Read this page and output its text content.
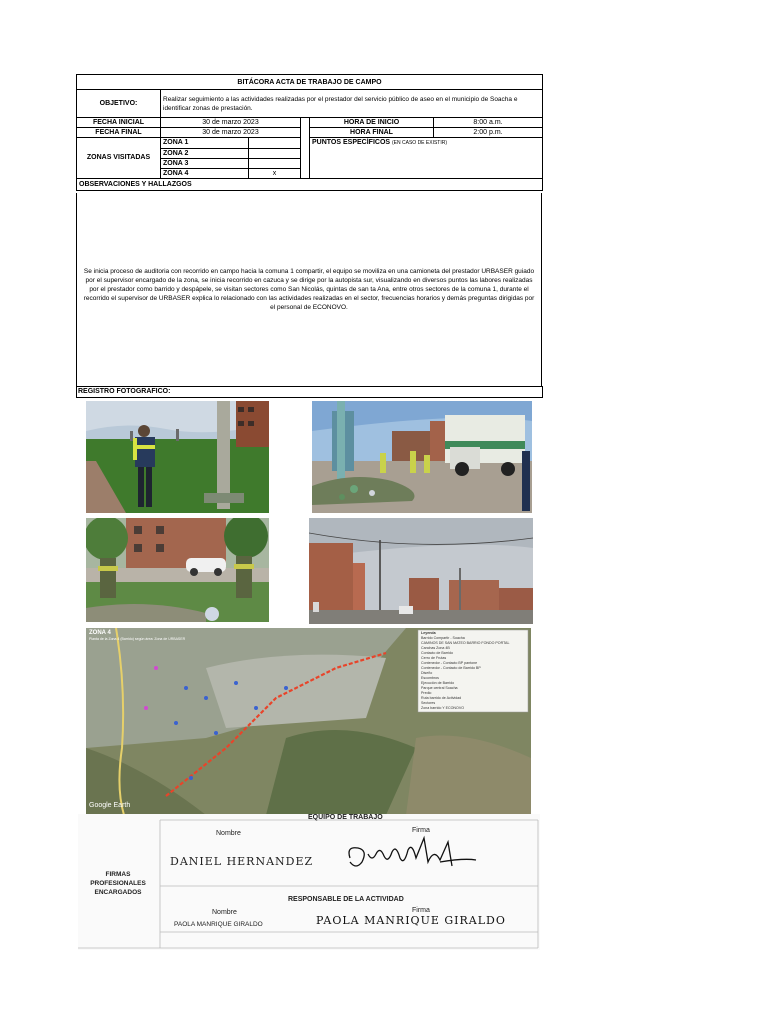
BITÁCORA ACTA DE TRABAJO DE CAMPO					
OBJETIVO:	Realizar seguimiento a las actividades realizadas por el prestador del servicio público de aseo en el municipio de Soacha e identificar zonas de prestación.				
FECHA INICIAL	30 de marzo 2023			HORA DE INICIO	8:00 a.m.
FECHA FINAL	30 de marzo 2023			HORA FINAL	2:00 p.m.
ZONAS VISITADAS	ZONA 1			PUNTOS ESPECÍFICOS (EN CASO DE EXISTIR)	
	ZONA 2				
	ZONA 3				
	ZONA 4	x			
OBSERVACIONES Y HALLAZGOS					
Se inicia proceso de auditoria con recorrido en campo hacia la comuna 1 compartir, el equipo se moviliza en una camioneta del prestador URBASER guiado por el supervisor encargado de la zona, se inicia recorrido en cazuca y se dirige por la autopista sur, visualizando en diversos puntos las labores realizadas por el prestador como barrido y despápele, se visitan sectores como San Nicolás, quintas de san ta Ana, entre otros sectores de la comuna 1, durante el recorrido el supervisor de URBASER explica lo relacionado con las actividades realizadas en el sector, frecuencias horarios y demás preguntas dirigidas por el personal de ECONOVO.
REGISTRO FOTOGRAFICO:
ZONA 4
Planta de la Zona 4 (Barrido) según área: Zona de URBASER
Google Earth
Leyenda
Barrido Compartir - Soacha
CAMINOS DE SAN MATEO BARRIO FONDO PORTAL
Canchas Zona 4B
Contacto de Barrido
Cerro de Frutas
Contenedor - Contacto BP pantone
Contenedor - Contacto de Barrido BP
Diseño
Escombros
Ejecución de Barrido
Parque central Soacha
Predio
Ruta barrido de Actividad
Sectores
Zona barrido Y ECONOVO
EQUIPO DE TRABAJO
Nombre	Firma
FIRMAS PROFESIONALES ENCARGADOS
DANIEL HERNANDEZ
RESPONSABLE DE LA ACTIVIDAD
Nombre	Firma
PAOLA MANRIQUE GIRALDO	PAOLA MANRIQUE GIRALDO
